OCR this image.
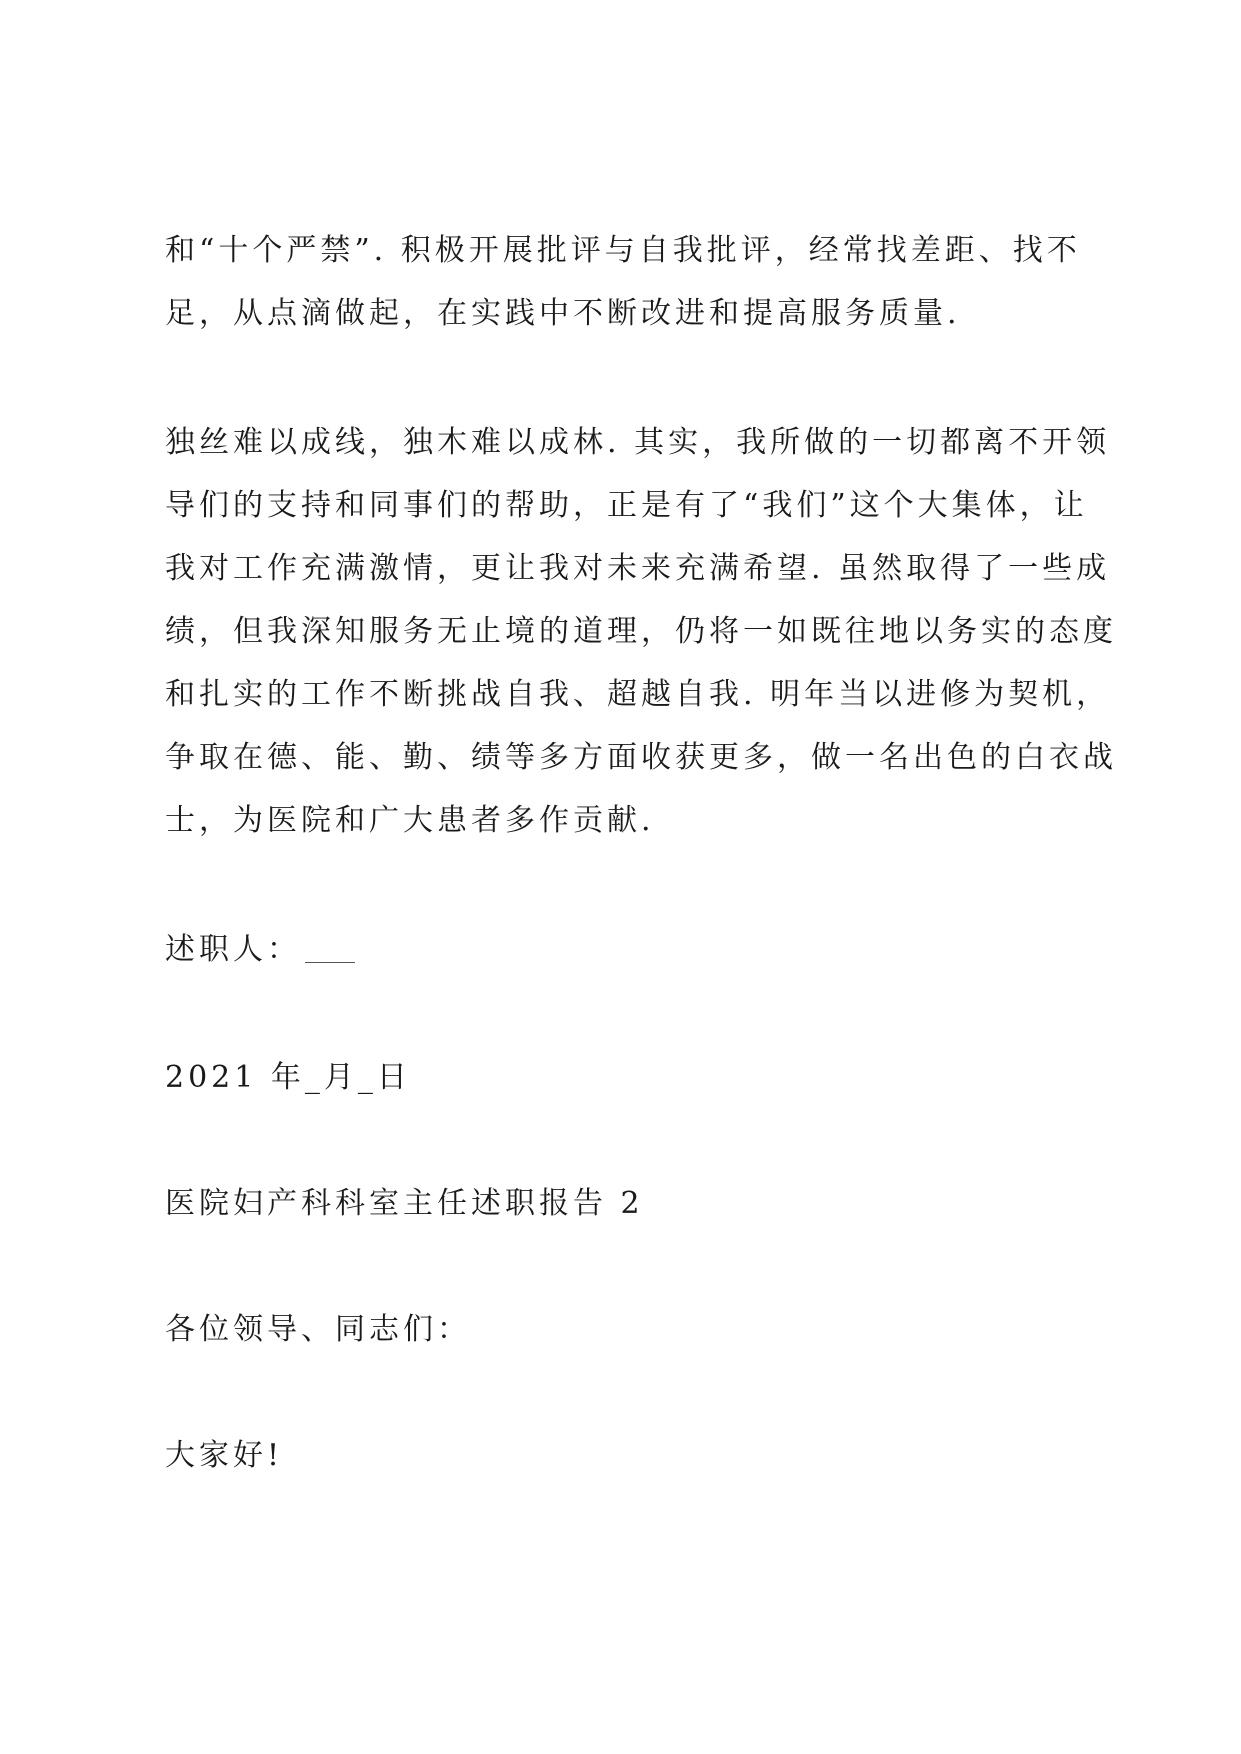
和“十个严禁”. 积极开展批评与自我批评，经常找差距、找不
足，从点滴做起，在实践中不断改进和提高服务质量.

独丝难以成线，独木难以成林. 其实，我所做的一切都离不开领
导们的支持和同事们的帮助，正是有了“我们”这个大集体，让
我对工作充满激情，更让我对未来充满希望. 虽然取得了一些成
绩，但我深知服务无止境的道理，仍将一如既往地以务实的态度
和扎实的工作不断挑战自我、超越自我. 明年当以进修为契机，
争取在德、能、勤、绩等多方面收获更多，做一名出色的白衣战
士，为医院和广大患者多作贡献.

述职人：

2021 年_月_日

医院妇产科科室主任述职报告 2

各位领导、同志们：

大家好!
